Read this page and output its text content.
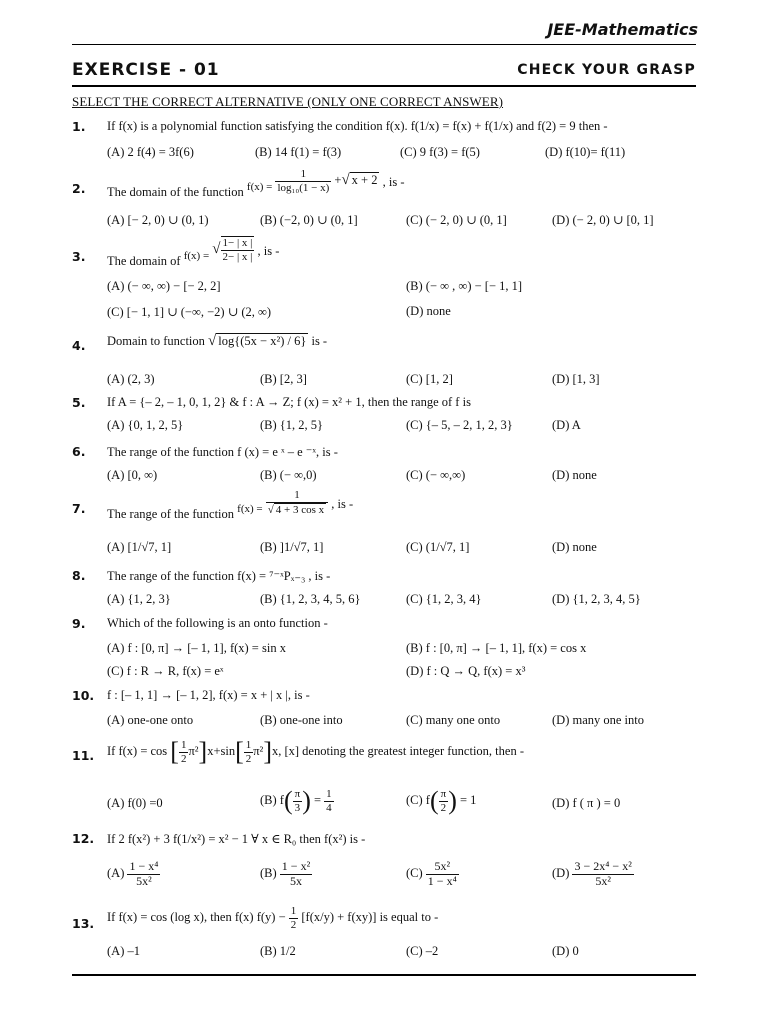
JEE-Mathematics
EXERCISE - 01	CHECK YOUR GRASP
SELECT THE CORRECT ALTERNATIVE (ONLY ONE CORRECT ANSWER)
1. If f(x) is a polynomial function satisfying the condition f(x). f(1/x) = f(x) + f(1/x) and f(2) = 9 then -
(A) 2 f(4) = 3f(6)	(B) 14 f(1) = f(3)	(C) 9 f(3) = f(5)	(D) f(10)= f(11)
2. The domain of the function $f(x) = \frac{1}{\text{log₁₀(1 − x)}}$ +√ x + 2 , is -
(A) [− 2, 0) ∪ (0, 1)	(B) (−2, 0) ∪ (0, 1]	(C) (− 2, 0) ∪ (0, 1]	(D) (− 2, 0) ∪ [0, 1]
3. The domain of f(x) = √ $\frac{1- | x |}{2- | x |}$ , is -
(A) (− ∞, ∞) − [− 2, 2]	(B) (− ∞ , ∞) − [− 1, 1]
(C) [− 1, 1] ∪ (−∞, −2) ∪ (2, ∞)	(D) none
4. Domain to function √ log{(5x − x²) / 6} is -
(A) (2, 3)	(B) [2, 3]	(C) [1, 2]	(D) [1, 3]
5. If A = {– 2, – 1, 0, 1, 2} & f : A → Z; f (x) = x² + 1, then the range of f is
(A) {0, 1, 2, 5}	(B) {1, 2, 5}	(C) {– 5, – 2, 1, 2, 3}	(D) A
6. The range of the function f (x) = e ˣ – e ⁻ˣ, is -
(A) [0, ∞)	(B) (− ∞,0)	(C) (− ∞,∞)	(D) none
7. The range of the function $f(x) = \frac{1}{\text{√ 4 + 3 cos x}}$ , is -
(A) [1/√7, 1]	(B) ]1/√7, 1]	(C) (1/√7, 1]	(D) none
8. The range of the function f(x) = ⁷⁻ˣPₓ₋₃ , is -
(A) {1, 2, 3}	(B) {1, 2, 3, 4, 5, 6}	(C) {1, 2, 3, 4}	(D) {1, 2, 3, 4, 5}
9. Which of the following is an onto function -
(A) f : [0, π] → [– 1, 1], f(x) = sin x	(B) f : [0, π] → [– 1, 1], f(x) = cos x
(C) f : R → R, f(x) = eˣ	(D) f : Q → Q, f(x) = x³
10. f : [– 1, 1] → [– 1, 2], f(x) = x + | x |, is -
(A) one-one onto	(B) one-one into	(C) many one onto	(D) many one into
11. If f(x) = cos [ $\frac{1}{2} \pi^2]x+\sin[ \frac{1}{2} \pi^2]x$, [x] denoting the greatest integer function, then -
(A) f(0) =0	(B) $f( \frac{\pi}{3}$ ) = $\frac{1}{4}$	(C) $f( \frac{\pi}{2}$ ) = 1	(D) f ( π ) = 0
12. If 2 f(x²) + 3 f(1/x²) = x² − 1 ∀ x ∈ R₀ then f(x²) is -
$(A) \frac{\text{1 − x⁴}}{\text{5x²}}$	$(B) \frac{\text{1 − x²}}{5x}$	$(C) \frac{\text{5x²}}{\text{1 − x⁴}}$	$(D) \frac{\text{3 − 2x⁴ − x²}}{\text{5x²}}$
13. If f(x) = cos (log x), then f(x) $f(y) - \frac{1}{2} [f(x/y) + f(xy)]$ is equal to -
(A) –1	(B) 1/2	(C) –2	(D) 0
